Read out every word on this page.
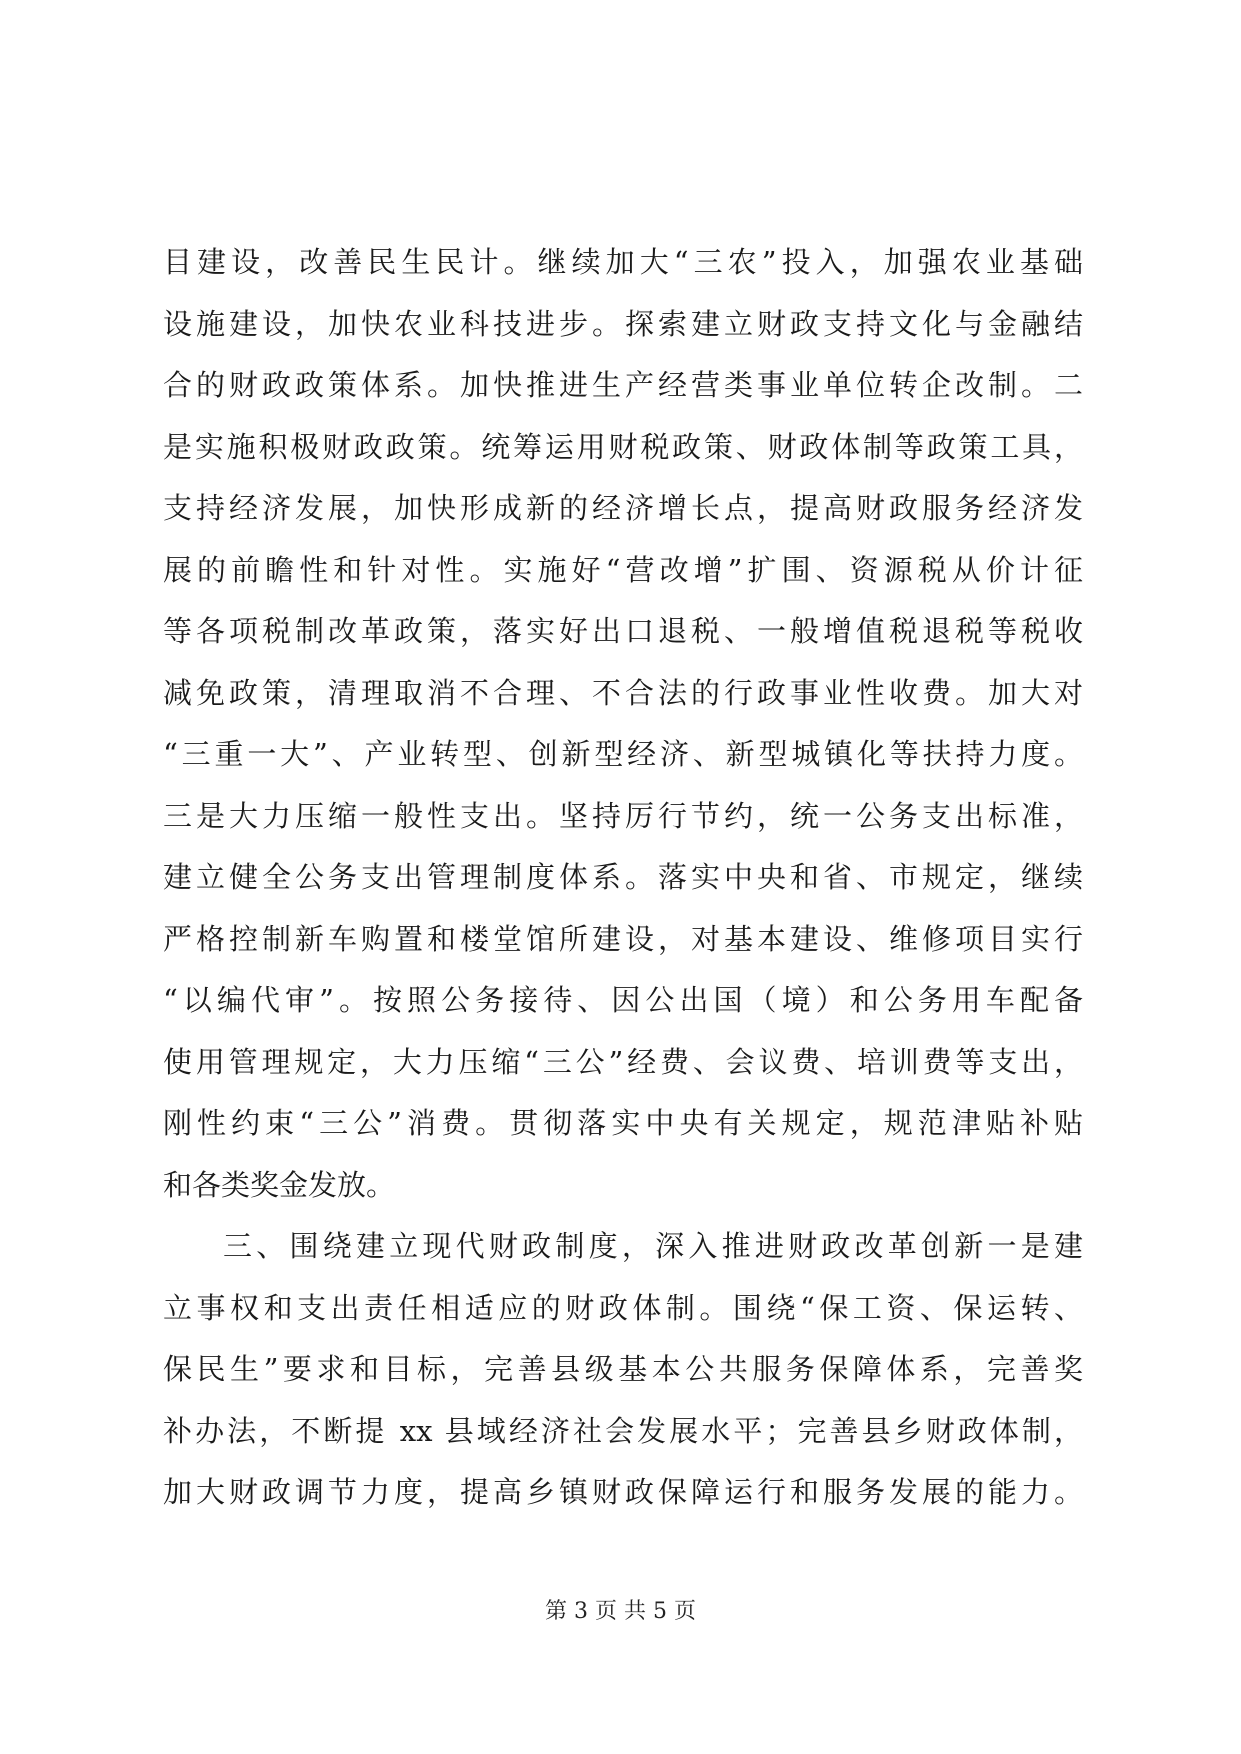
目建设，改善民生民计。继续加大“三农”投入，加强农业基础
设施建设，加快农业科技进步。探索建立财政支持文化与金融结
合的财政政策体系。加快推进生产经营类事业单位转企改制。二
是实施积极财政政策。统筹运用财税政策、财政体制等政策工具，
支持经济发展，加快形成新的经济增长点，提高财政服务经济发
展的前瞻性和针对性。实施好“营改增”扩围、资源税从价计征
等各项税制改革政策，落实好出口退税、一般增值税退税等税收
减免政策，清理取消不合理、不合法的行政事业性收费。加大对
“三重一大”、产业转型、创新型经济、新型城镇化等扶持力度。
三是大力压缩一般性支出。坚持厉行节约，统一公务支出标准，
建立健全公务支出管理制度体系。落实中央和省、市规定，继续
严格控制新车购置和楼堂馆所建设，对基本建设、维修项目实行
“以编代审”。按照公务接待、因公出国（境）和公务用车配备
使用管理规定，大力压缩“三公”经费、会议费、培训费等支出，
刚性约束“三公”消费。贯彻落实中央有关规定，规范津贴补贴
和各类奖金发放。
三、围绕建立现代财政制度，深入推进财政改革创新一是建
立事权和支出责任相适应的财政体制。围绕“保工资、保运转、
保民生”要求和目标，完善县级基本公共服务保障体系，完善奖
补办法，不断提 xx 县域经济社会发展水平；完善县乡财政体制，
加大财政调节力度，提高乡镇财政保障运行和服务发展的能力。
第 3 页 共 5 页
